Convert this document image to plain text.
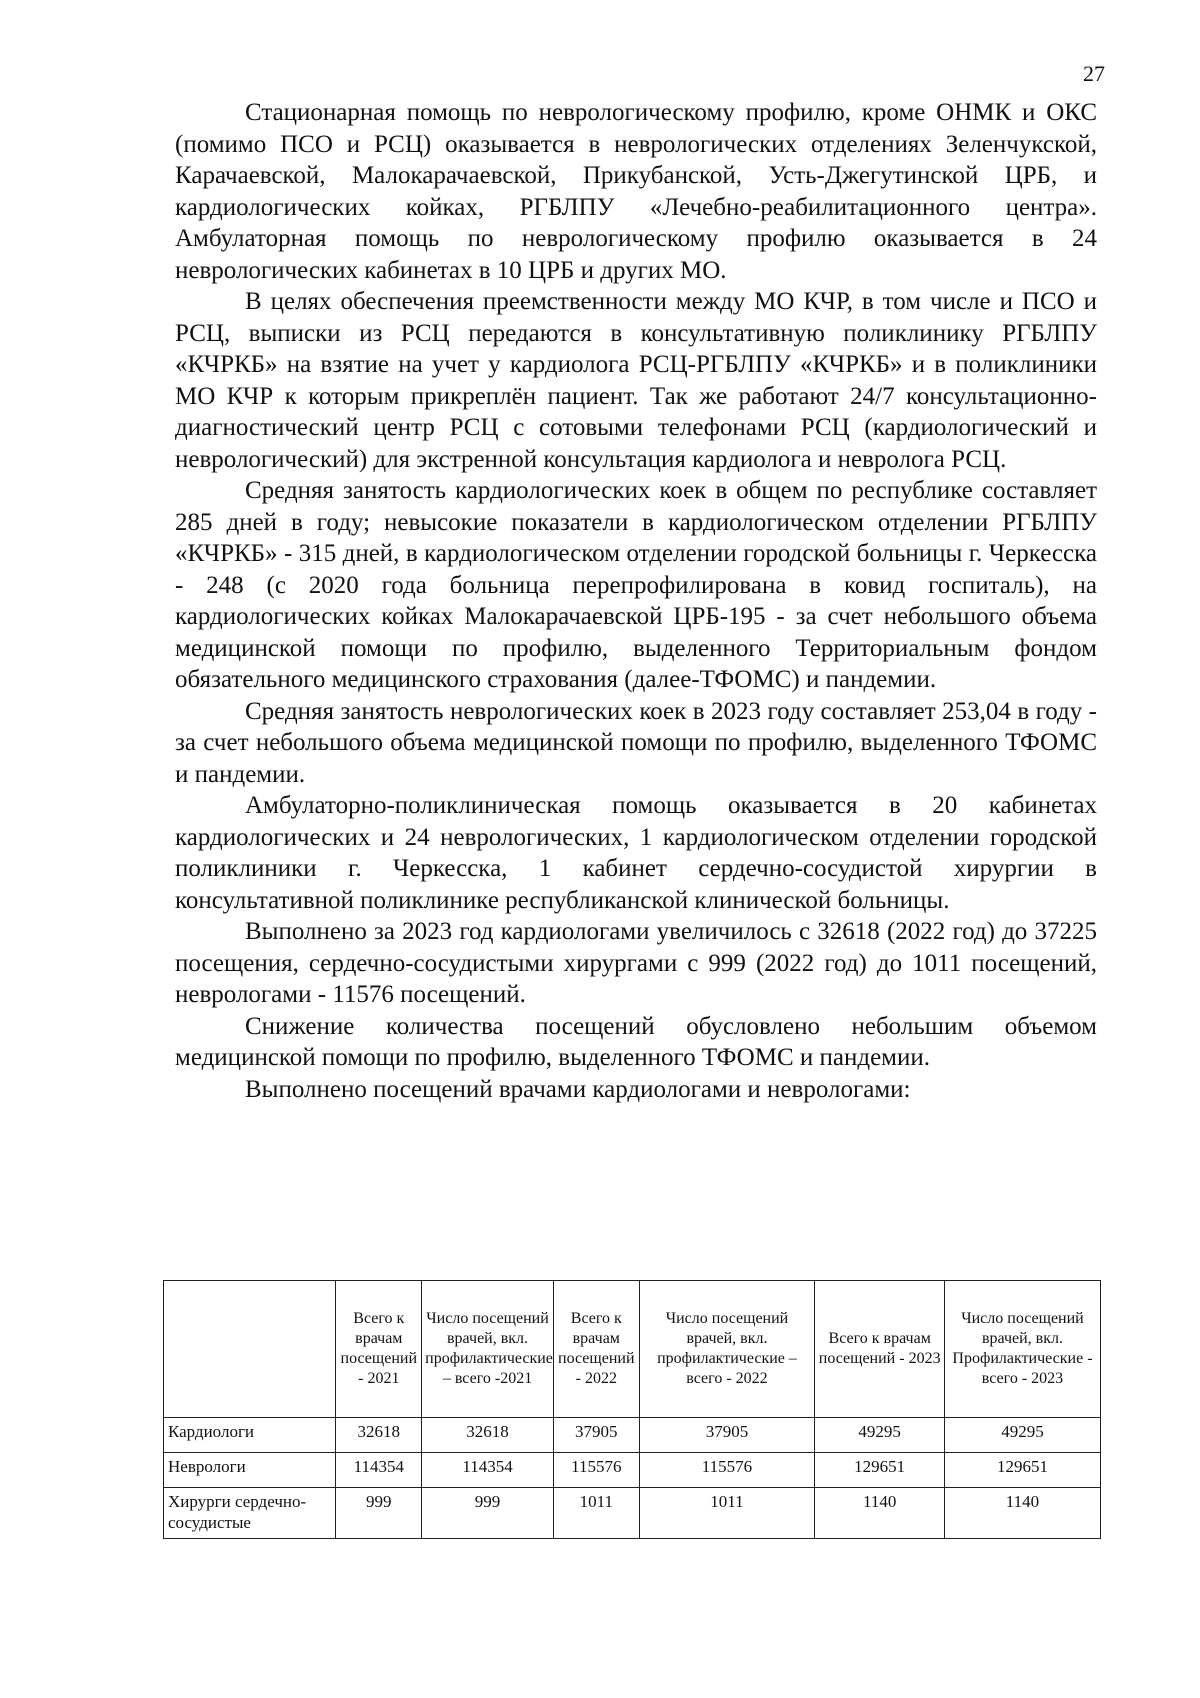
27

Стационарная помощь по неврологическому профилю, кроме ОНМК и ОКС (помимо ПСО и РСЦ) оказывается в неврологических отделениях Зеленчукской, Карачаевской, Малокарачаевской, Прикубанской, Усть-Джегутинской ЦРБ, и кардиологических койках, РГБЛПУ «Лечебно-реабилитационного центра». Амбулаторная помощь по неврологическому профилю оказывается в 24 неврологических кабинетах в 10 ЦРБ и других МО.

В целях обеспечения преемственности между МО КЧР, в том числе и ПСО и РСЦ, выписки из РСЦ передаются в консультативную поликлинику РГБЛПУ «КЧРКБ» на взятие на учет у кардиолога РСЦ-РГБЛПУ «КЧРКБ» и в поликлиники МО КЧР к которым прикреплён пациент. Так же работают 24/7 консультационно-диагностический центр РСЦ с сотовыми телефонами РСЦ (кардиологический и неврологический) для экстренной консультация кардиолога и невролога РСЦ.

Средняя занятость кардиологических коек в общем по республике составляет 285 дней в году; невысокие показатели в кардиологическом отделении РГБЛПУ «КЧРКБ» - 315 дней, в кардиологическом отделении городской больницы г. Черкесска - 248 (с 2020 года больница перепрофилирована в ковид госпиталь), на кардиологических койках Малокарачаевской ЦРБ-195 - за счет небольшого объема медицинской помощи по профилю, выделенного Территориальным фондом обязательного медицинского страхования (далее-ТФОМС) и пандемии.

Средняя занятость неврологических коек в 2023 году составляет 253,04 в году - за счет небольшого объема медицинской помощи по профилю, выделенного ТФОМС и пандемии.

Амбулаторно-поликлиническая помощь оказывается в 20 кабинетах кардиологических и 24 неврологических, 1 кардиологическом отделении городской поликлиники г. Черкесска, 1 кабинет сердечно-сосудистой хирургии в консультативной поликлинике республиканской клинической больницы.

Выполнено за 2023 год кардиологами увеличилось с 32618 (2022 год) до 37225 посещения, сердечно-сосудистыми хирургами с 999 (2022 год) до 1011 посещений, неврологами - 11576 посещений.

Снижение количества посещений обусловлено небольшим объемом медицинской помощи по профилю, выделенного ТФОМС и пандемии.

Выполнено посещений врачами кардиологами и неврологами:

	Всего к врачам посещений - 2021	Число посещений врачей, вкл. профилактические – всего -2021	Всего к врачам посещений - 2022	Число посещений врачей, вкл. профилактические – всего - 2022	Всего к врачам посещений - 2023	Число посещений врачей, вкл. Профилактические - всего - 2023
Кардиологи	32618	32618	37905	37905	49295	49295
Неврологи	114354	114354	115576	115576	129651	129651
Хирурги сердечно-сосудистые	999	999	1011	1011	1140	1140
